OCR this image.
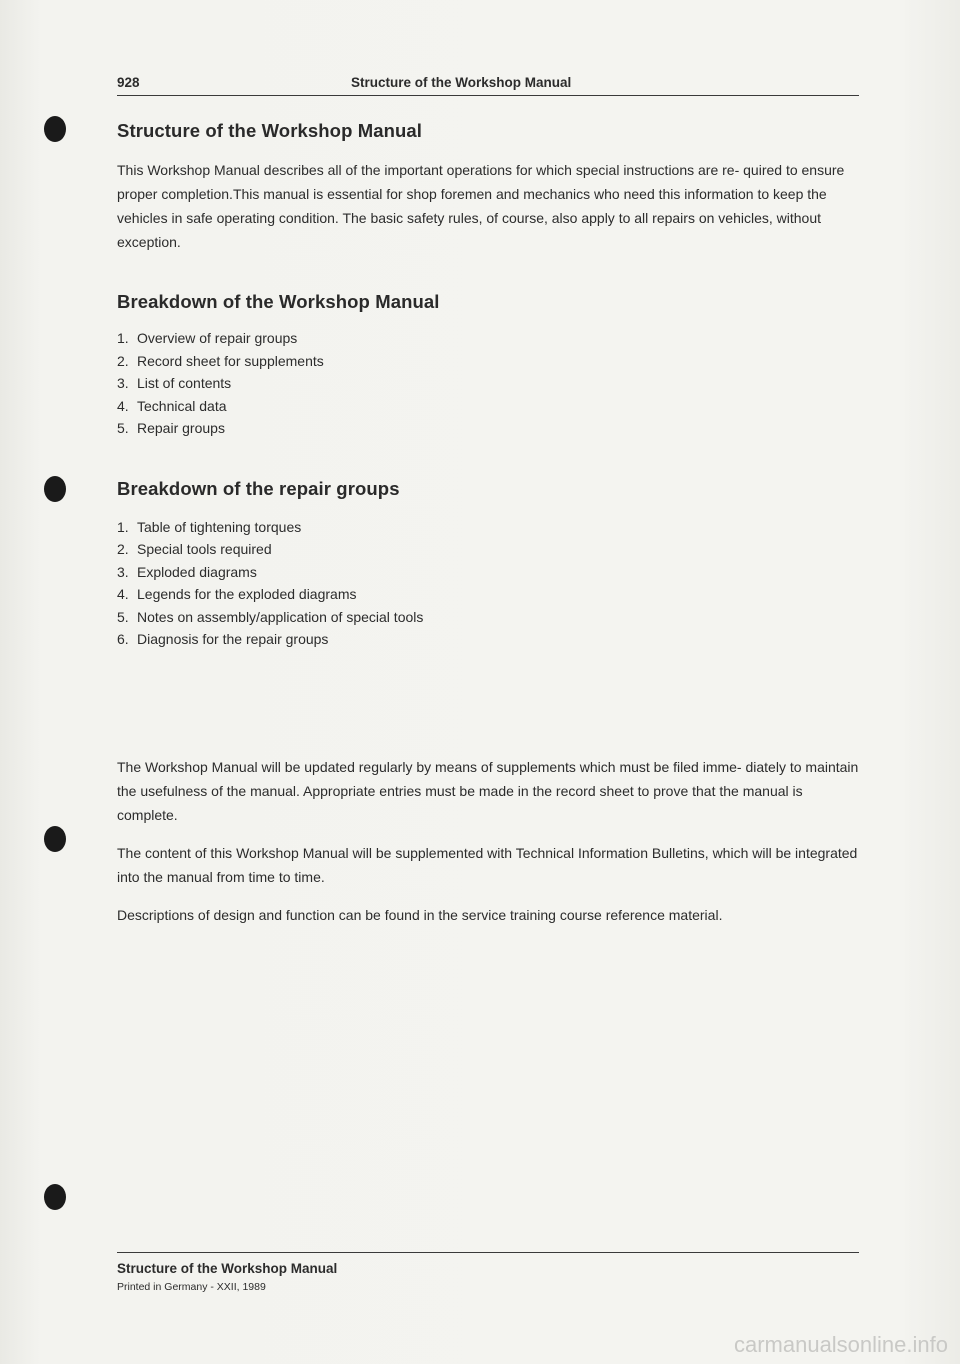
928	Structure of the Workshop Manual
Structure of the Workshop Manual

This Workshop Manual describes all of the important operations for which special instructions are re- quired to ensure proper completion.This manual is essential for shop foremen and mechanics who need this information to keep the vehicles in safe operating condition. The basic safety rules, of course, also apply to all repairs on vehicles, without exception.

Breakdown of the Workshop Manual
1. Overview of repair groups
2. Record sheet for supplements
3. List of contents
4. Technical data
5. Repair groups
Breakdown of the repair groups
1. Table of tightening torques
2. Special tools required
3. Exploded diagrams
4. Legends for the exploded diagrams
5. Notes on assembly/application of special tools
6. Diagnosis for the repair groups

The Workshop Manual will be updated regularly by means of supplements which must be filed imme- diately to maintain the usefulness of the manual. Appropriate entries must be made in the record sheet to prove that the manual is complete.

The content of this Workshop Manual will be supplemented with Technical Information Bulletins, which will be integrated into the manual from time to time.

Descriptions of design and function can be found in the service training course reference material.

Structure of the Workshop Manual
Printed in Germany - XXII, 1989
carmanualsonline.info
